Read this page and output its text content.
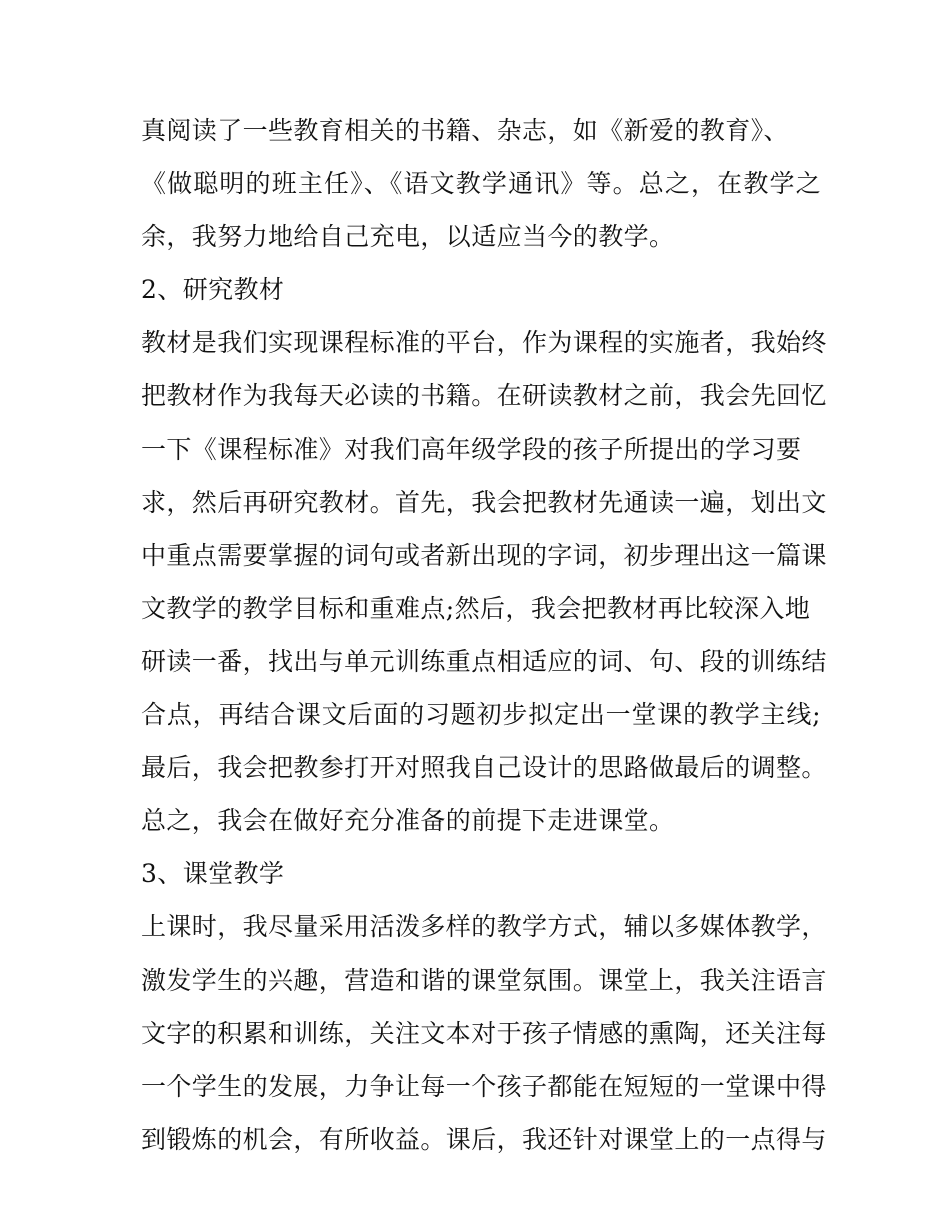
真阅读了一些教育相关的书籍、杂志，如《新爱的教育》、
《做聪明的班主任》、《语文教学通讯》等。总之，在教学之
余，我努力地给自己充电，以适应当今的教学。
2、研究教材
教材是我们实现课程标准的平台，作为课程的实施者，我始终
把教材作为我每天必读的书籍。在研读教材之前，我会先回忆
一下《课程标准》对我们高年级学段的孩子所提出的学习要
求，然后再研究教材。首先，我会把教材先通读一遍，划出文
中重点需要掌握的词句或者新出现的字词，初步理出这一篇课
文教学的教学目标和重难点;然后，我会把教材再比较深入地
研读一番，找出与单元训练重点相适应的词、句、段的训练结
合点，再结合课文后面的习题初步拟定出一堂课的教学主线;
最后，我会把教参打开对照我自己设计的思路做最后的调整。
总之，我会在做好充分准备的前提下走进课堂。
3、课堂教学
上课时，我尽量采用活泼多样的教学方式，辅以多媒体教学，
激发学生的兴趣，营造和谐的课堂氛围。课堂上，我关注语言
文字的积累和训练，关注文本对于孩子情感的熏陶，还关注每
一个学生的发展，力争让每一个孩子都能在短短的一堂课中得
到锻炼的机会，有所收益。课后，我还针对课堂上的一点得与
